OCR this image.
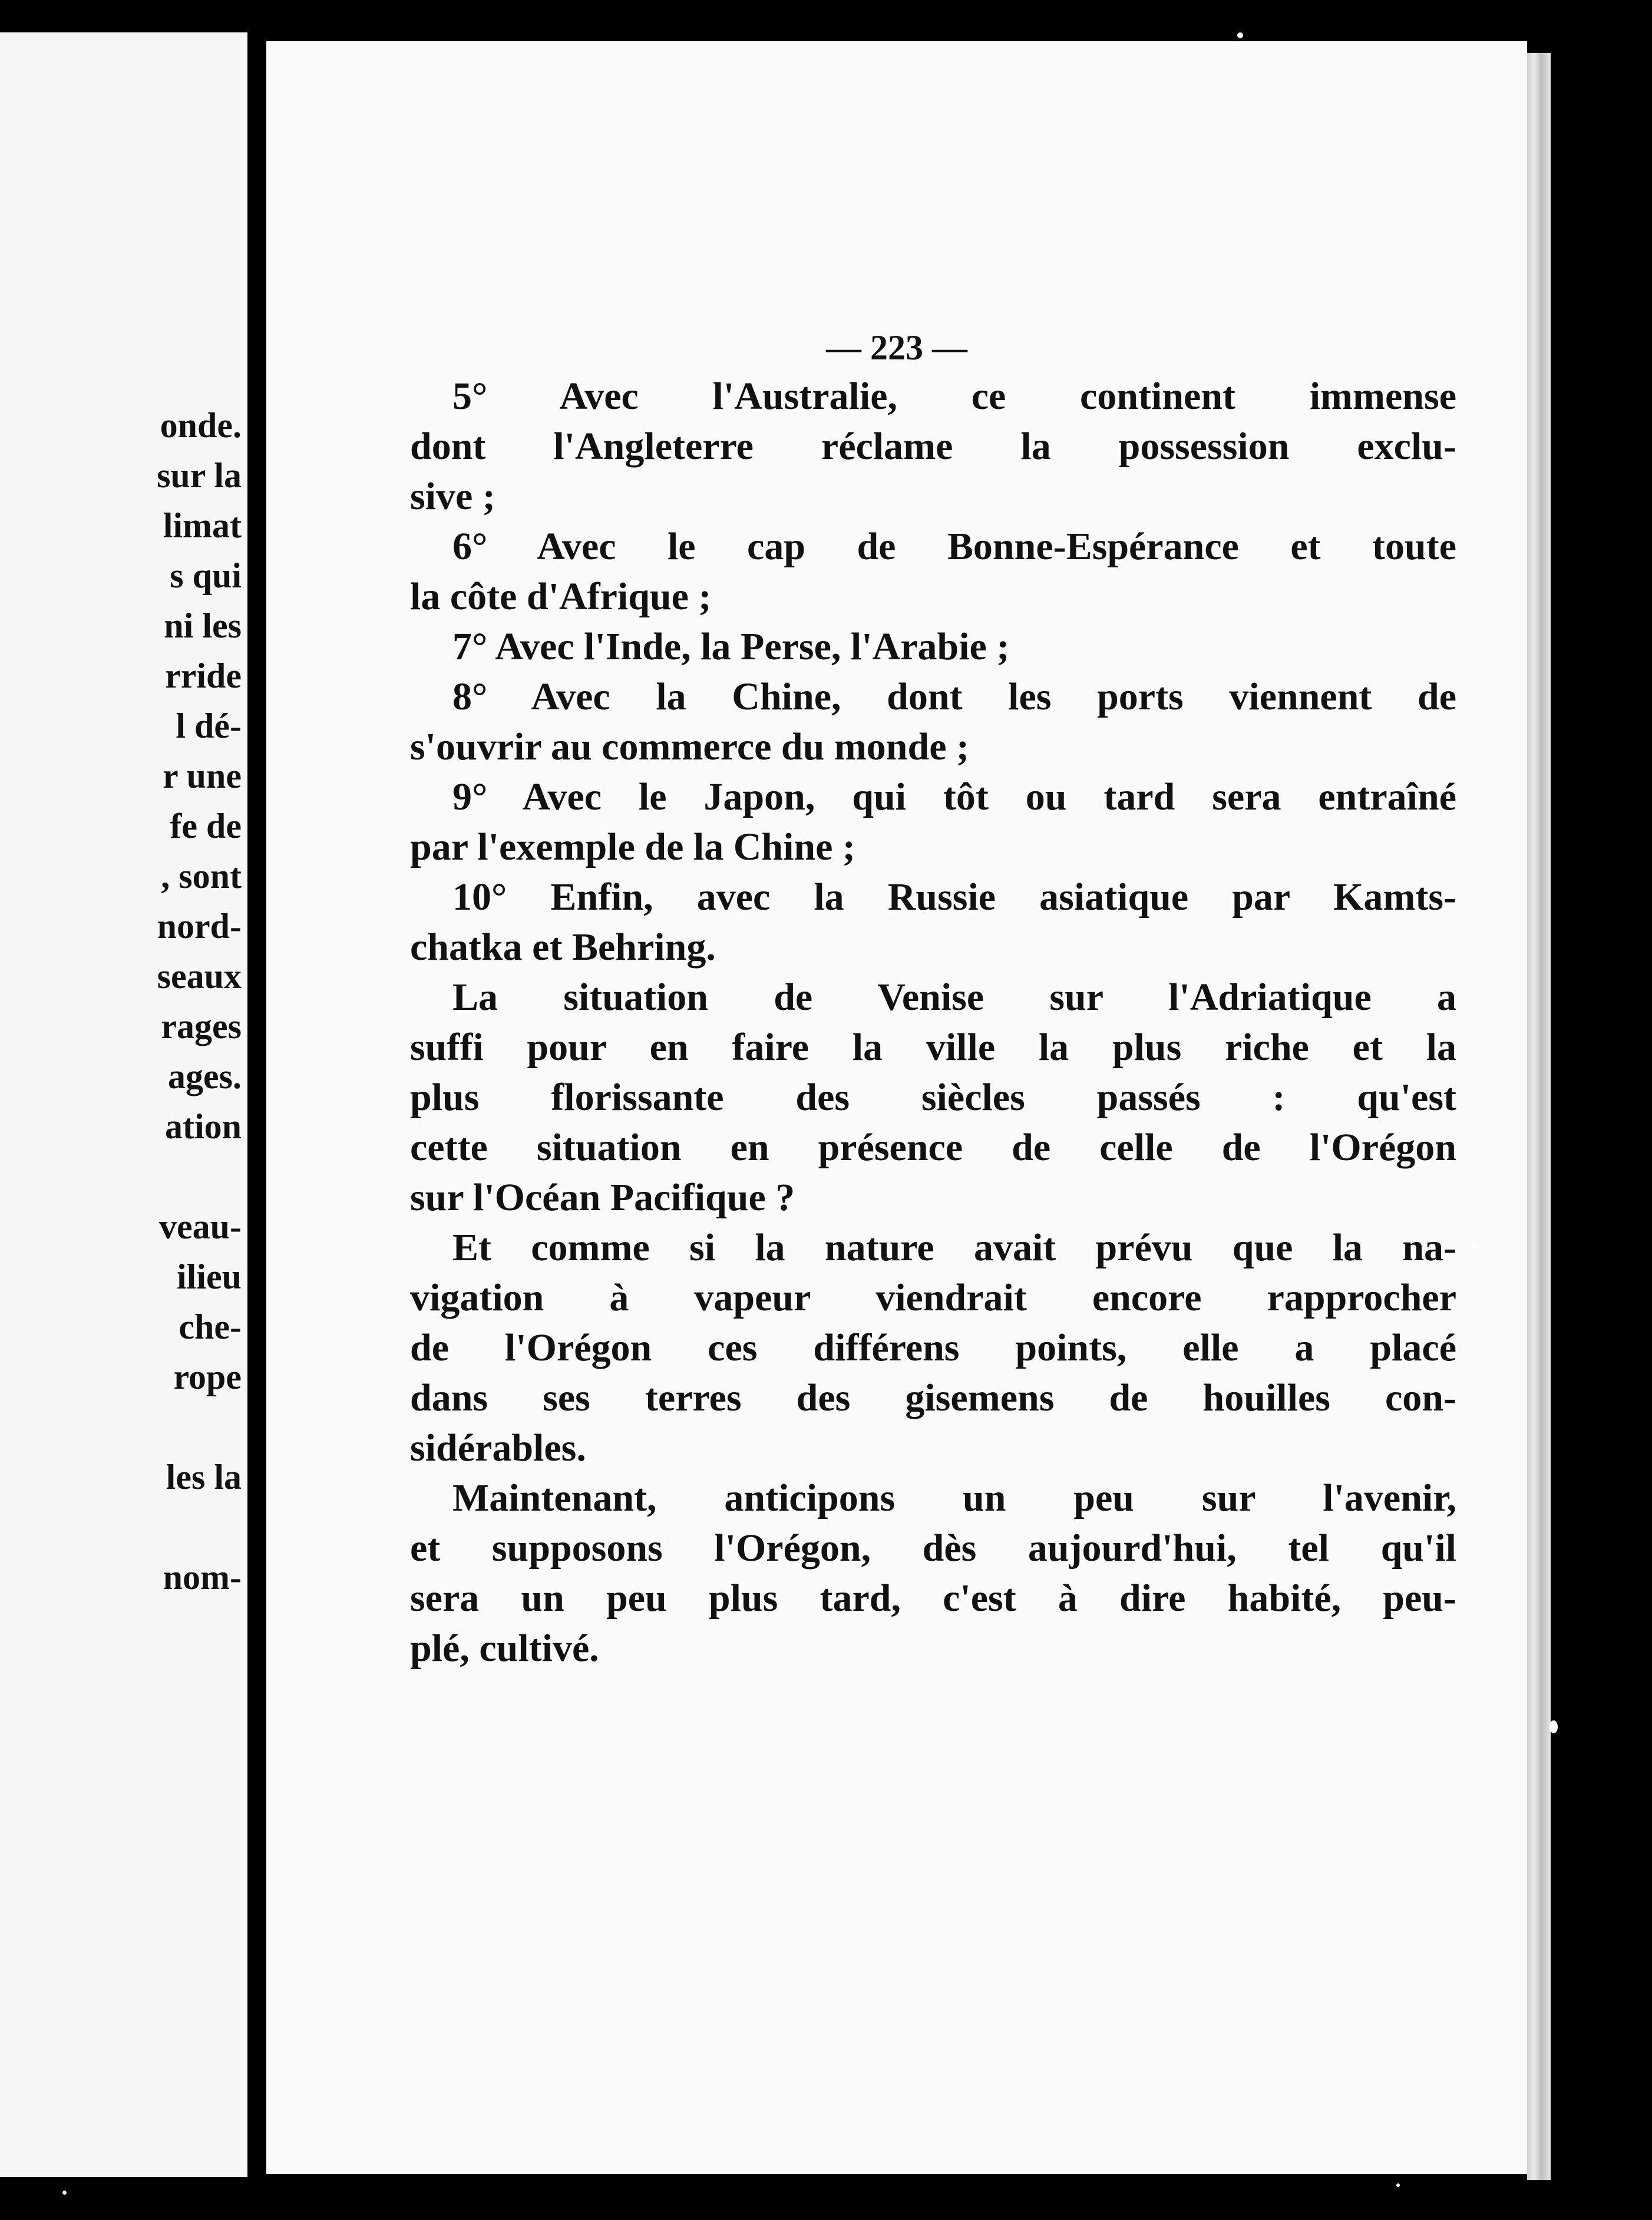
onde.
sur la
limat
s qui
ni les
rride
l dé-
r une
fe de
, sont
nord-
seaux
rages
ages.
ation
veau-
ilieu
che-
rope
les la
nom-
— 223 —
5° Avec l'Australie, ce continent immense
dont l'Angleterre réclame la possession exclu-
sive ;
6° Avec le cap de Bonne-Espérance et toute
la côte d'Afrique ;
7° Avec l'Inde, la Perse, l'Arabie ;
8° Avec la Chine, dont les ports viennent de
s'ouvrir au commerce du monde ;
9° Avec le Japon, qui tôt ou tard sera entraîné
par l'exemple de la Chine ;
10° Enfin, avec la Russie asiatique par Kamts-
chatka et Behring.
La situation de Venise sur l'Adriatique a
suffi pour en faire la ville la plus riche et la
plus florissante des siècles passés : qu'est
cette situation en présence de celle de l'Orégon
sur l'Océan Pacifique ?
Et comme si la nature avait prévu que la na-
vigation à vapeur viendrait encore rapprocher
de l'Orégon ces différens points, elle a placé
dans ses terres des gisemens de houilles con-
sidérables.
Maintenant, anticipons un peu sur l'avenir,
et supposons l'Orégon, dès aujourd'hui, tel qu'il
sera un peu plus tard, c'est à dire habité, peu-
plé, cultivé.
